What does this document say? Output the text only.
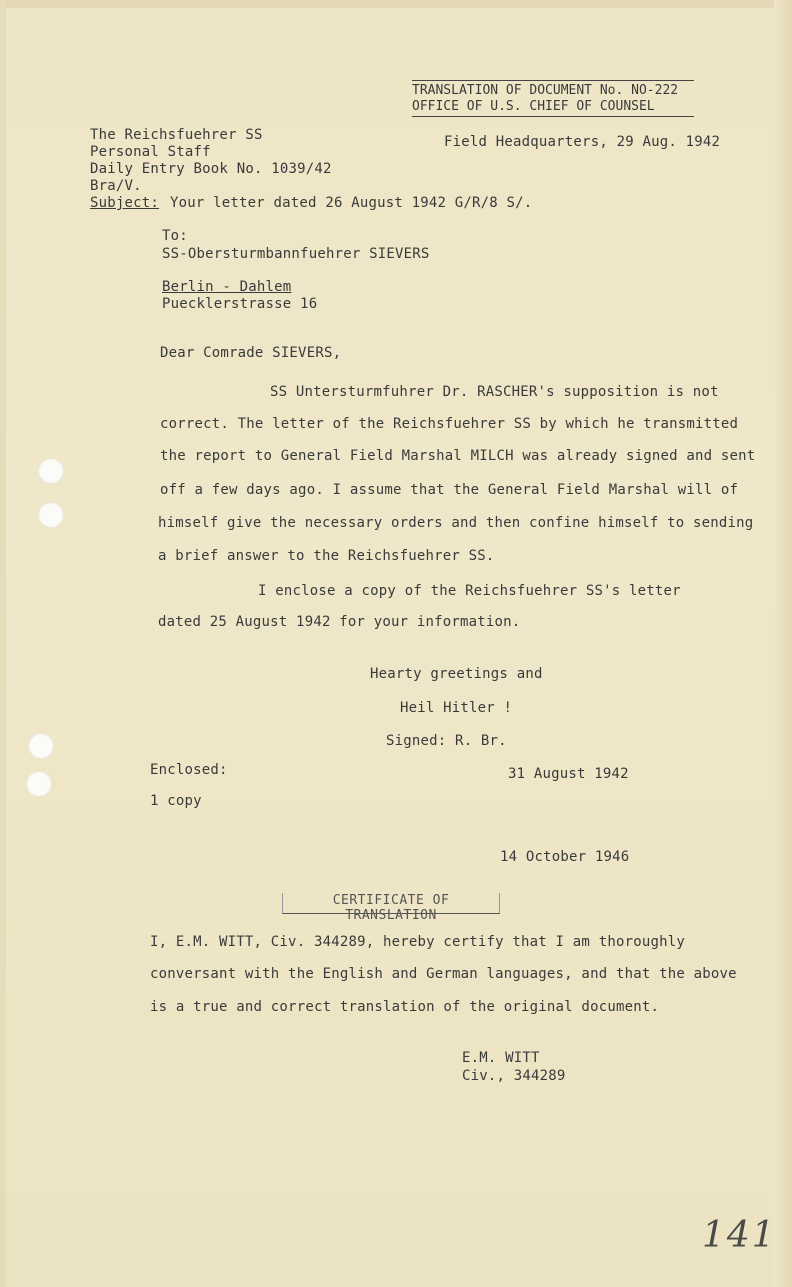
TRANSLATION OF DOCUMENT No. NO-222
OFFICE OF U.S. CHIEF OF COUNSEL
The Reichsfuehrer SS
Personal Staff
Daily Entry Book No. 1039/42
Bra/V.
Field Headquarters, 29 Aug. 1942
Subject: Your letter dated 26 August 1942 G/R/8 S/.
To:
SS-Obersturmbannfuehrer SIEVERS
Berlin - Dahlem
Puecklerstrasse 16
Dear Comrade SIEVERS,
SS Untersturmfuhrer Dr. RASCHER's supposition is not
correct. The letter of the Reichsfuehrer SS by which he transmitted
the report to General Field Marshal MILCH was already signed and sent
off a few days ago. I assume that the General Field Marshal will of
himself give the necessary orders and then confine himself to sending
a brief answer to the Reichsfuehrer SS.
I enclose a copy of the Reichsfuehrer SS's letter
dated 25 August 1942 for your information.
Hearty greetings and
Heil Hitler !
Signed: R. Br.
Enclosed:	31 August 1942
1 copy
14 October 1946
CERTIFICATE OF TRANSLATION
I, E.M. WITT, Civ. 344289, hereby certify that I am thoroughly
conversant with the English and German languages, and that the above
is a true and correct translation of the original document.
E.M. WITT
Civ., 344289
141
